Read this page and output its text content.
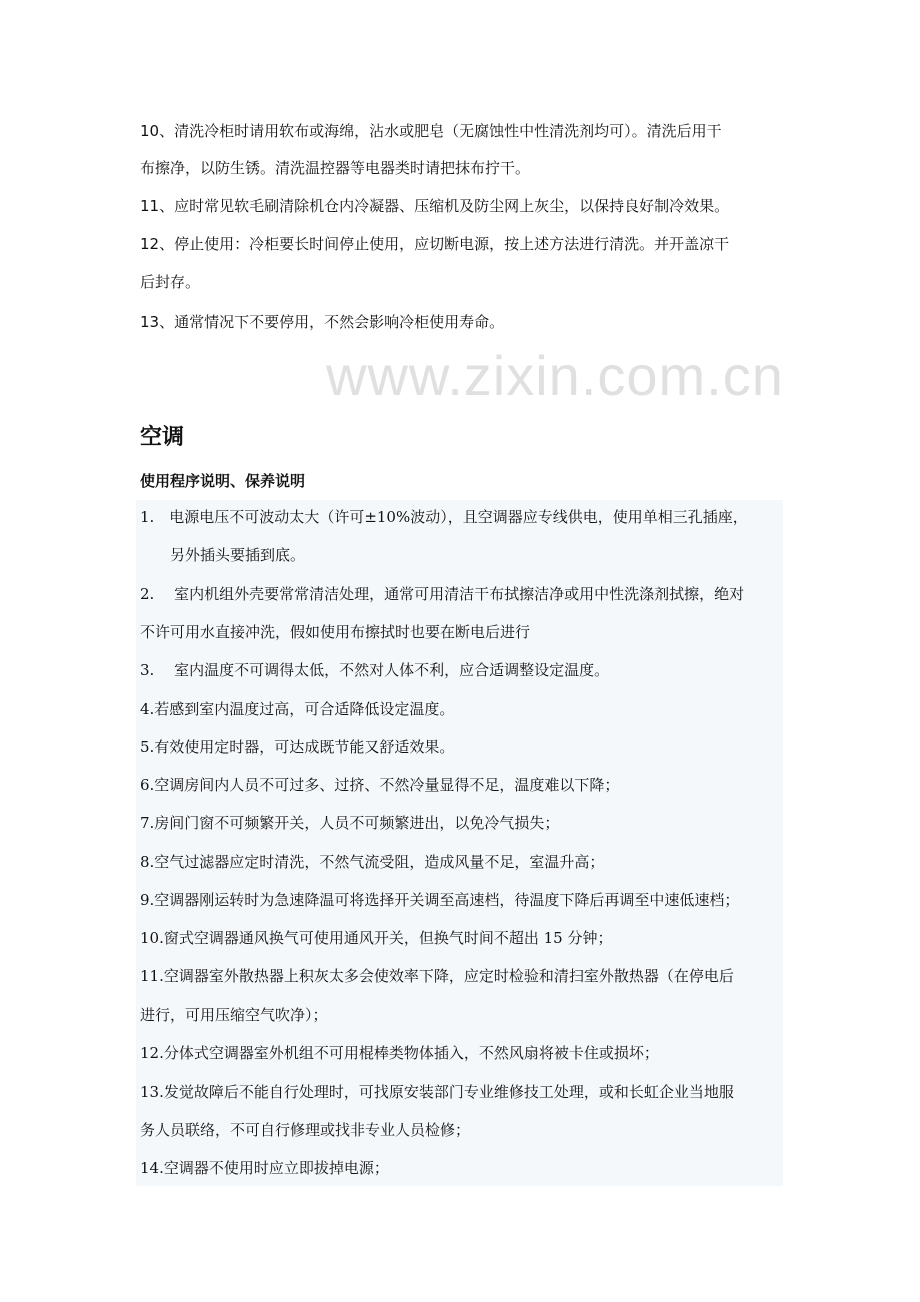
10、清洗冷柜时请用软布或海绵，沾水或肥皂（无腐蚀性中性清洗剂均可）。清洗后用干
布擦净，以防生锈。清洗温控器等电器类时请把抹布拧干。
11、应时常见软毛刷清除机仓内冷凝器、压缩机及防尘网上灰尘，以保持良好制冷效果。
12、停止使用：冷柜要长时间停止使用，应切断电源，按上述方法进行清洗。并开盖凉干
后封存。
13、通常情况下不要停用，不然会影响冷柜使用寿命。
www.zixin.com.cn
空调
使用程序说明、保养说明
1.　电源电压不可波动太大（许可±10%波动），且空调器应专线供电，使用单相三孔插座，
另外插头要插到底。
2.　 室内机组外壳要常常清洁处理，通常可用清洁干布拭擦洁净或用中性洗涤剂拭擦，绝对
不许可用水直接冲洗，假如使用布擦拭时也要在断电后进行
3.　 室内温度不可调得太低，不然对人体不利，应合适调整设定温度。
4.若感到室内温度过高，可合适降低设定温度。
5.有效使用定时器，可达成既节能又舒适效果。
6.空调房间内人员不可过多、过挤、不然冷量显得不足，温度难以下降；
7.房间门窗不可频繁开关，人员不可频繁进出，以免冷气损失；
8.空气过滤器应定时清洗，不然气流受阻，造成风量不足，室温升高；
9.空调器刚运转时为急速降温可将选择开关调至高速档，待温度下降后再调至中速低速档；
10.窗式空调器通风换气可使用通风开关，但换气时间不超出 15 分钟；
11.空调器室外散热器上积灰太多会使效率下降，应定时检验和清扫室外散热器（在停电后
进行，可用压缩空气吹净）；
12.分体式空调器室外机组不可用棍棒类物体插入，不然风扇将被卡住或损坏；
13.发觉故障后不能自行处理时，可找原安装部门专业维修技工处理，或和长虹企业当地服
务人员联络，不可自行修理或找非专业人员检修；
14.空调器不使用时应立即拔掉电源；
